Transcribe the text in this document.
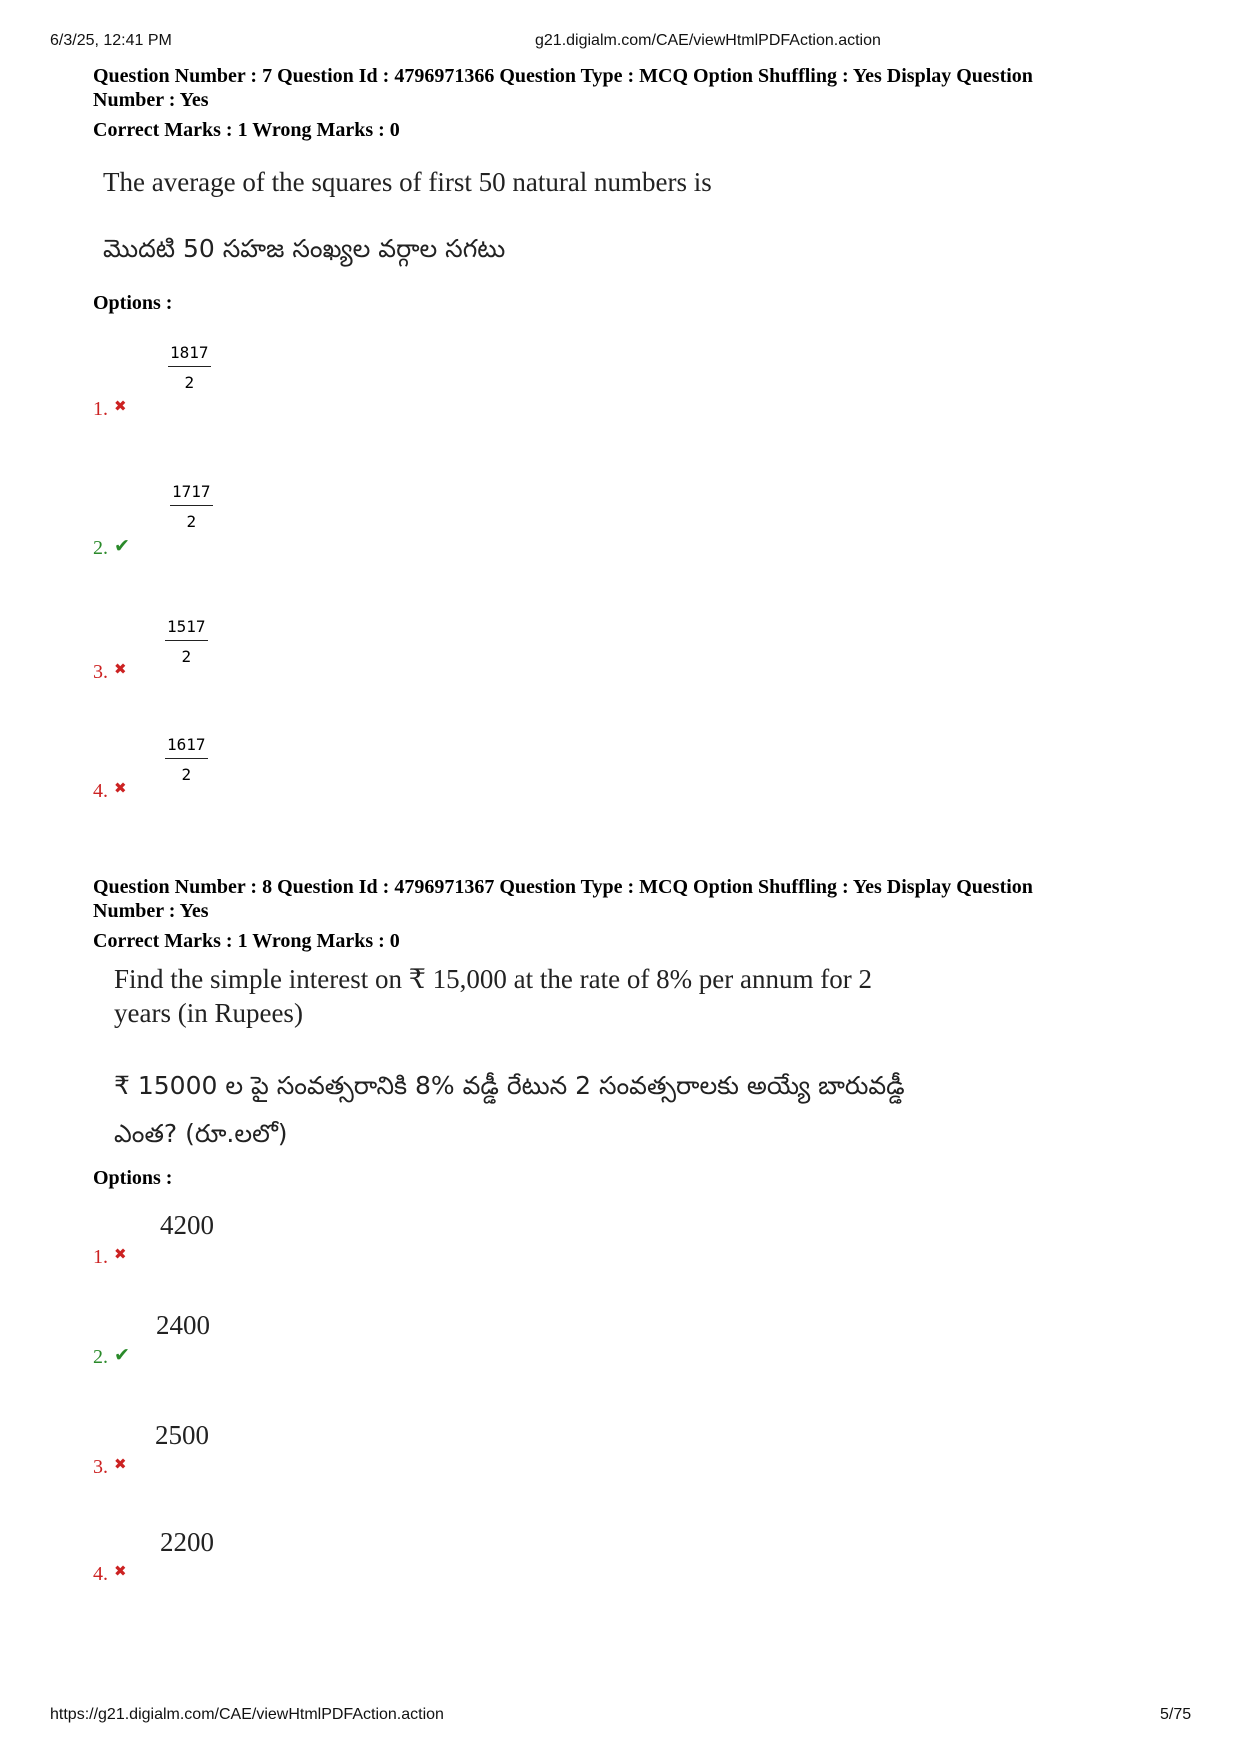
6/3/25, 12:41 PM	g21.digialm.com/CAE/viewHtmlPDFAction.action
Question Number : 7 Question Id : 4796971366 Question Type : MCQ Option Shuffling : Yes Display Question
Number : Yes
Correct Marks : 1 Wrong Marks : 0
The average of the squares of first 50 natural numbers is
మొదటి 50 సహజ సంఖ్యల వర్గాల సగటు
Options :
$\frac{1817}{2}$
1. ✖
$\frac{1717}{2}$
2. ✔
$\frac{1517}{2}$
3. ✖
$\frac{1617}{2}$
4. ✖
Question Number : 8 Question Id : 4796971367 Question Type : MCQ Option Shuffling : Yes Display Question
Number : Yes
Correct Marks : 1 Wrong Marks : 0
Find the simple interest on ₹ 15,000 at the rate of 8% per annum for 2
years (in Rupees)
₹ 15000 ల పై సంవత్సరానికి 8% వడ్డీ రేటున 2 సంవత్సరాలకు అయ్యే బారువడ్డీ
ఎంత? (రూ.లలో)
Options :
4200
1. ✖
2400
2. ✔
2500
3. ✖
2200
4. ✖
https://g21.digialm.com/CAE/viewHtmlPDFAction.action	5/75
